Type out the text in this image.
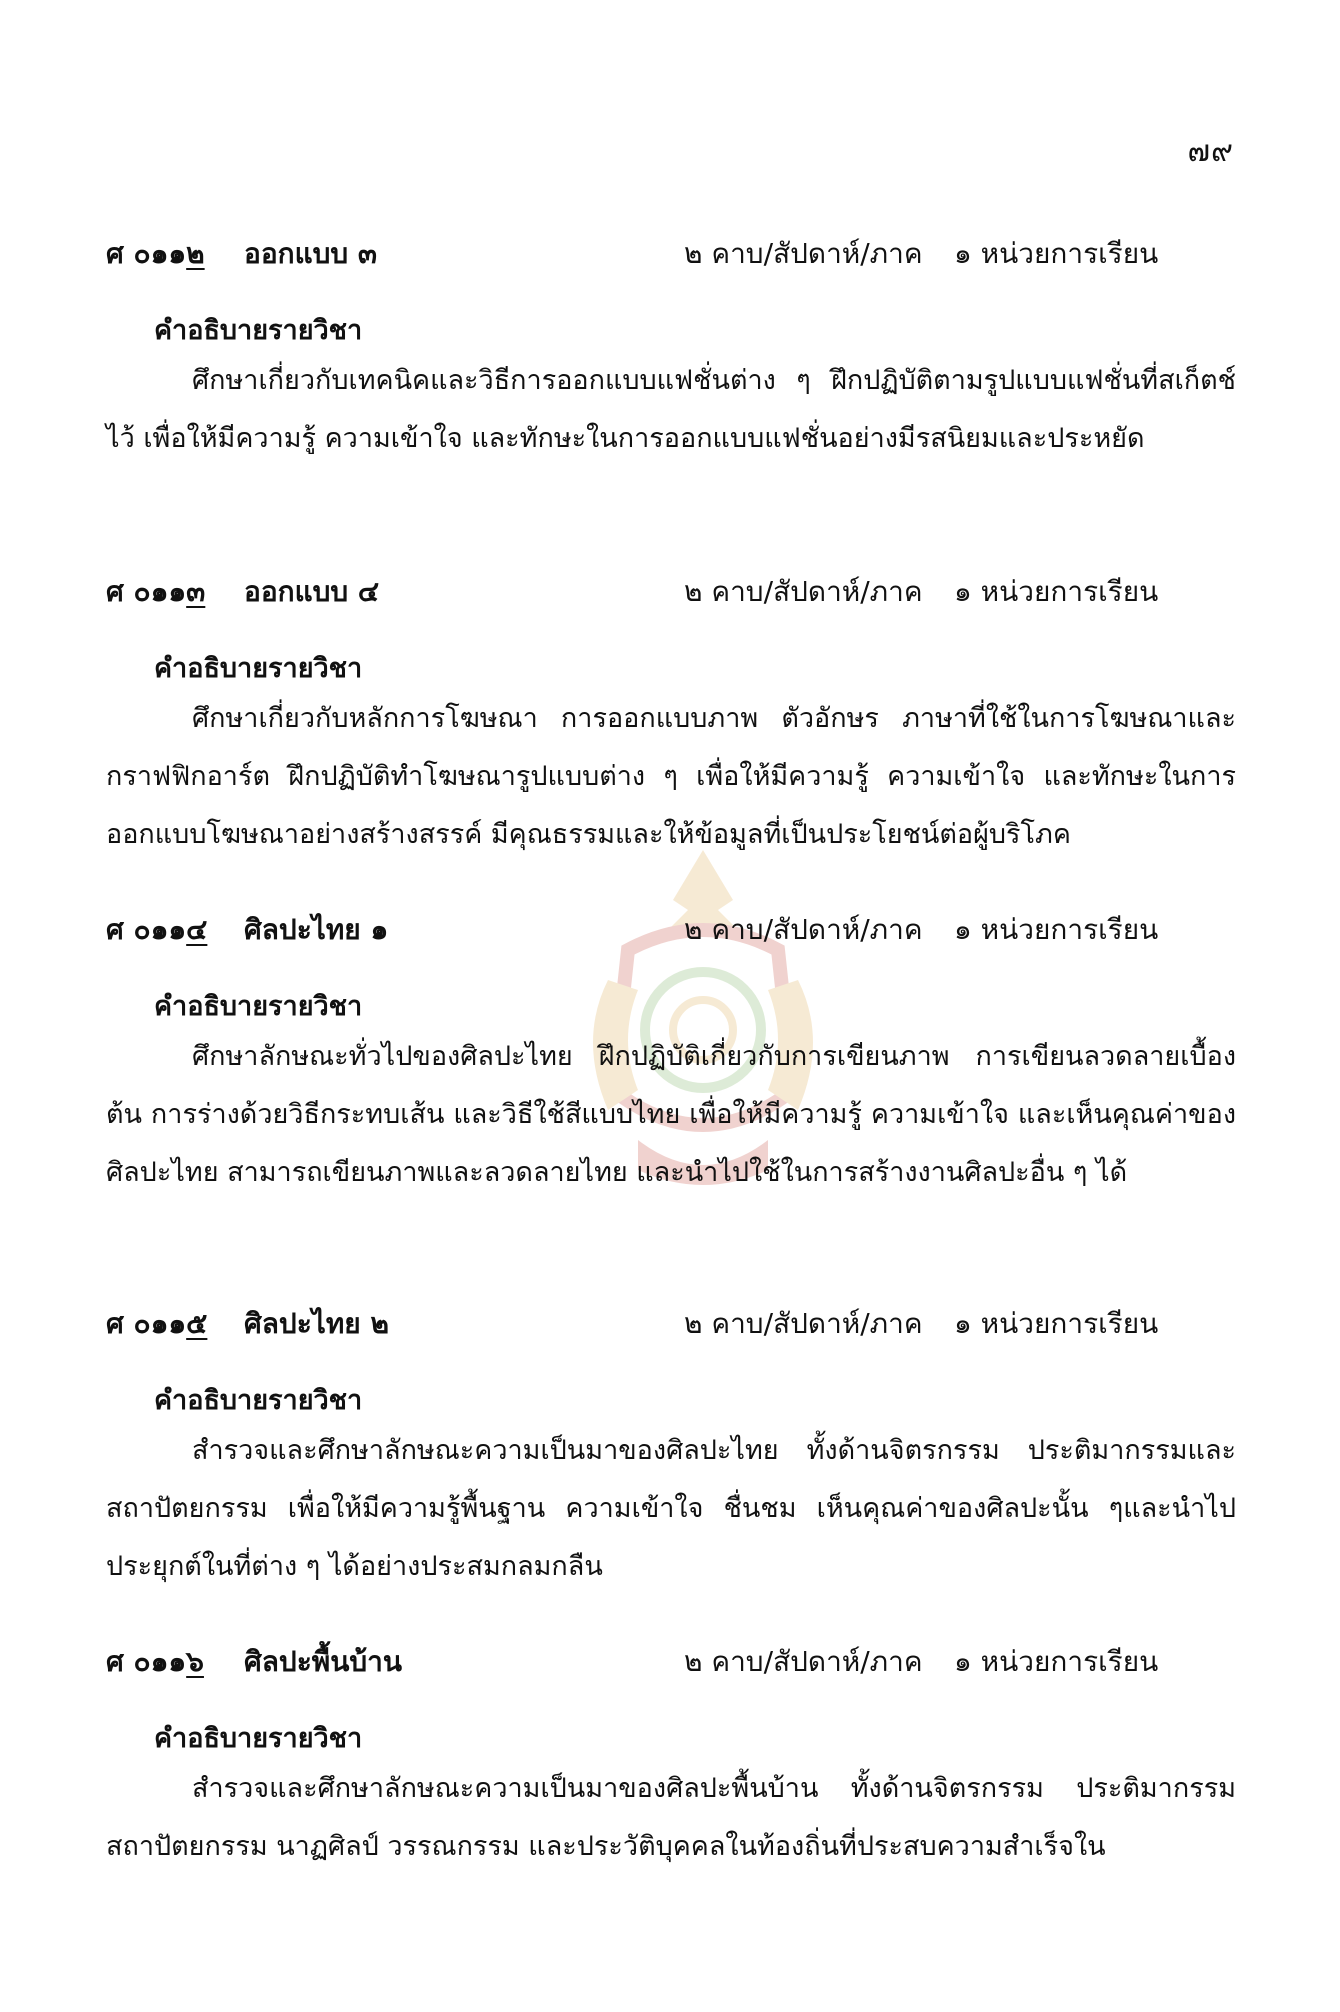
๗๙
ศ ๐๑๑๒ ออกแบบ ๓	๒ คาบ/สัปดาห์/ภาค ๑ หน่วยการเรียน
คำอธิบายรายวิชา
ศึกษาเกี่ยวกับเทคนิคและวิธีการออกแบบแฟชั่นต่าง ๆ ฝึกปฏิบัติตามรูปแบบแฟชั่นที่สเก็ตช์ไว้ เพื่อให้มีความรู้ ความเข้าใจ และทักษะในการออกแบบแฟชั่นอย่างมีรสนิยมและประหยัด
ศ ๐๑๑๓ ออกแบบ ๔	๒ คาบ/สัปดาห์/ภาค ๑ หน่วยการเรียน
คำอธิบายรายวิชา
ศึกษาเกี่ยวกับหลักการโฆษณา การออกแบบภาพ ตัวอักษร ภาษาที่ใช้ในการโฆษณาและกราฟฟิกอาร์ต ฝึกปฏิบัติทำโฆษณารูปแบบต่าง ๆ เพื่อให้มีความรู้ ความเข้าใจ และทักษะในการออกแบบโฆษณาอย่างสร้างสรรค์ มีคุณธรรมและให้ข้อมูลที่เป็นประโยชน์ต่อผู้บริโภค
ศ ๐๑๑๔ ศิลปะไทย ๑	๒ คาบ/สัปดาห์/ภาค ๑ หน่วยการเรียน
คำอธิบายรายวิชา
ศึกษาลักษณะทั่วไปของศิลปะไทย ฝึกปฏิบัติเกี่ยวกับการเขียนภาพ การเขียนลวดลายเบื้องต้น การร่างด้วยวิธีกระทบเส้น และวิธีใช้สีแบบไทย เพื่อให้มีความรู้ ความเข้าใจ และเห็นคุณค่าของศิลปะไทย สามารถเขียนภาพและลวดลายไทย และนำไปใช้ในการสร้างงานศิลปะอื่น ๆ ได้
ศ ๐๑๑๕ ศิลปะไทย ๒	๒ คาบ/สัปดาห์/ภาค ๑ หน่วยการเรียน
คำอธิบายรายวิชา
สำรวจและศึกษาลักษณะความเป็นมาของศิลปะไทย ทั้งด้านจิตรกรรม ประติมากรรมและสถาปัตยกรรม เพื่อให้มีความรู้พื้นฐาน ความเข้าใจ ชื่นชม เห็นคุณค่าของศิลปะนั้น ๆและนำไปประยุกต์ในที่ต่าง ๆ ได้อย่างประสมกลมกลืน
ศ ๐๑๑๖ ศิลปะพื้นบ้าน	๒ คาบ/สัปดาห์/ภาค ๑ หน่วยการเรียน
คำอธิบายรายวิชา
สำรวจและศึกษาลักษณะความเป็นมาของศิลปะพื้นบ้าน ทั้งด้านจิตรกรรม ประติมากรรมสถาปัตยกรรม นาฏศิลป์ วรรณกรรม และประวัติบุคคลในท้องถิ่นที่ประสบความสำเร็จใน
